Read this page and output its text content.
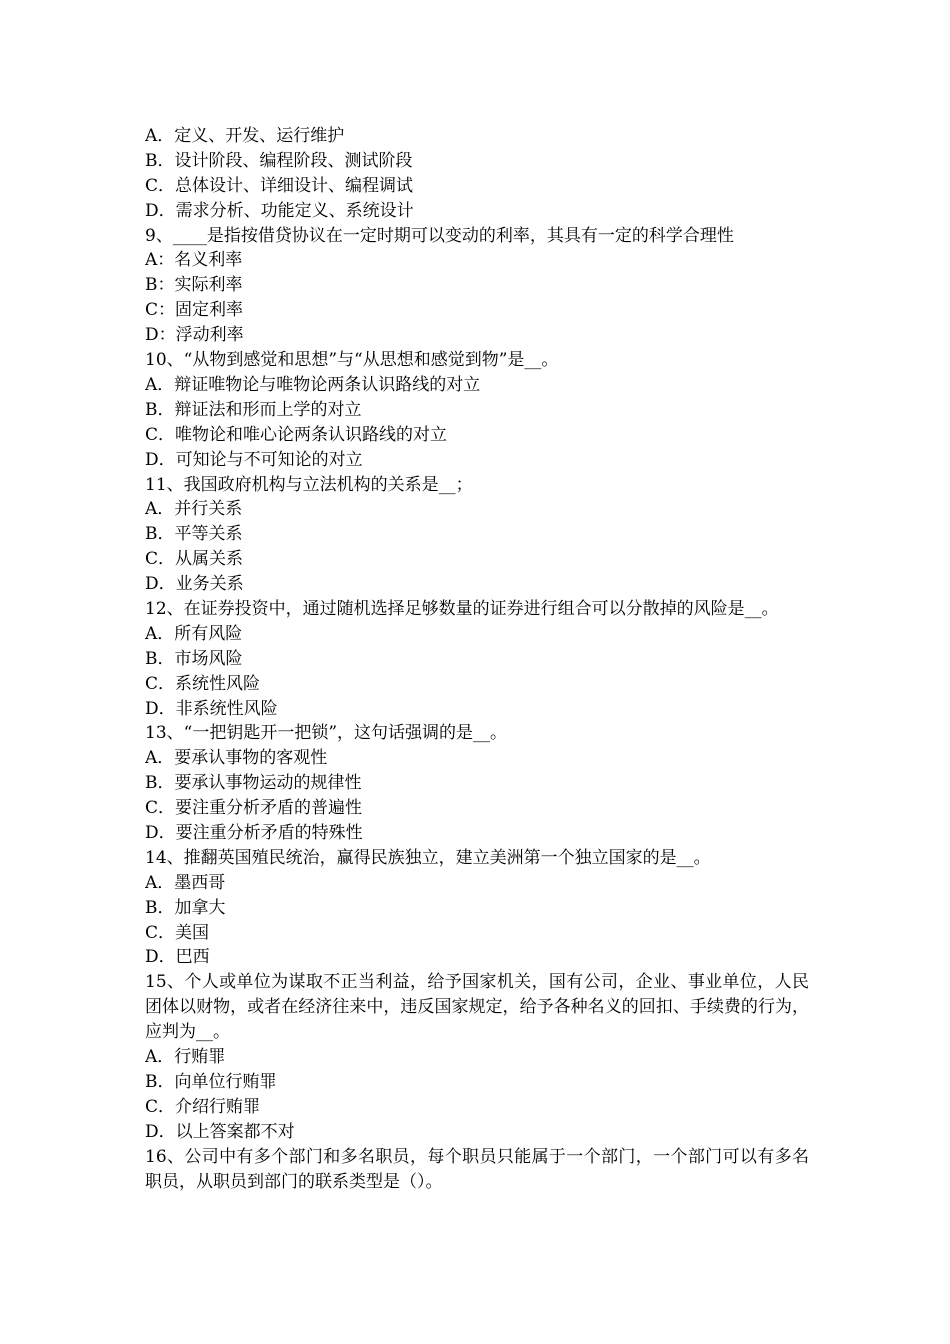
A．定义、开发、运行维护
B．设计阶段、编程阶段、测试阶段
C．总体设计、详细设计、编程调试
D．需求分析、功能定义、系统设计
9、____是指按借贷协议在一定时期可以变动的利率，其具有一定的科学合理性
A：名义利率
B：实际利率
C：固定利率
D：浮动利率
10、“从物到感觉和思想”与“从思想和感觉到物”是__。
A．辩证唯物论与唯物论两条认识路线的对立
B．辩证法和形而上学的对立
C．唯物论和唯心论两条认识路线的对立
D．可知论与不可知论的对立
11、我国政府机构与立法机构的关系是__；
A．并行关系
B．平等关系
C．从属关系
D．业务关系
12、在证券投资中，通过随机选择足够数量的证券进行组合可以分散掉的风险是__。
A．所有风险
B．市场风险
C．系统性风险
D．非系统性风险
13、“一把钥匙开一把锁”，这句话强调的是__。
A．要承认事物的客观性
B．要承认事物运动的规律性
C．要注重分析矛盾的普遍性
D．要注重分析矛盾的特殊性
14、推翻英国殖民统治，赢得民族独立，建立美洲第一个独立国家的是__。
A．墨西哥
B．加拿大
C．美国
D．巴西
15、个人或单位为谋取不正当利益，给予国家机关，国有公司，企业、事业单位，人民团体以财物，或者在经济往来中，违反国家规定，给予各种名义的回扣、手续费的行为，应判为__。
A．行贿罪
B．向单位行贿罪
C．介绍行贿罪
D．以上答案都不对
16、公司中有多个部门和多名职员，每个职员只能属于一个部门，一个部门可以有多名职员，从职员到部门的联系类型是（）。
